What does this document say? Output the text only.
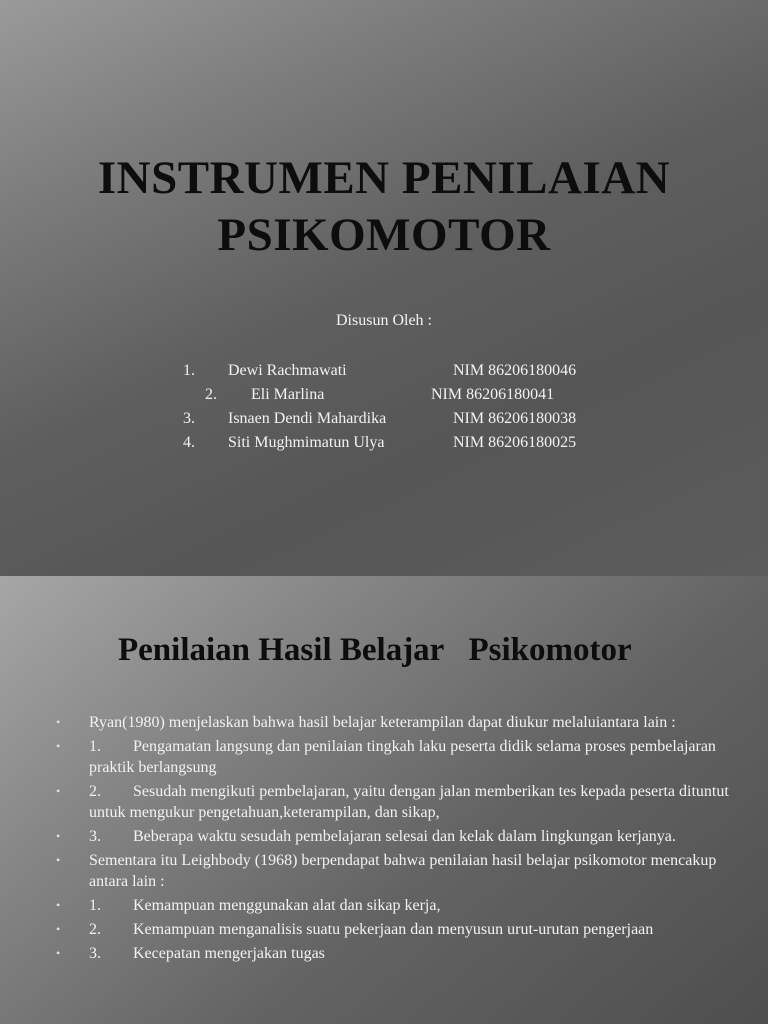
INSTRUMEN PENILAIAN
PSIKOMOTOR
Disusun Oleh :
1. Dewi Rachmawati	NIM 86206180046
2. Eli Marlina	NIM 86206180041
3. Isnaen Dendi Mahardika	NIM 86206180038
4. Siti Mughmimatun Ulya	NIM 86206180025
Penilaian Hasil Belajar   Psikomotor
• Ryan(1980) menjelaskan bahwa hasil belajar keterampilan dapat diukur melaluiantara lain :
• 1.        Pengamatan langsung dan penilaian tingkah laku peserta didik selama proses pembelajaran praktik berlangsung
• 2.        Sesudah mengikuti pembelajaran, yaitu dengan jalan memberikan tes kepada peserta dituntut untuk mengukur pengetahuan,keterampilan, dan sikap,
• 3.        Beberapa waktu sesudah pembelajaran selesai dan kelak dalam lingkungan kerjanya.
• Sementara itu Leighbody (1968) berpendapat bahwa penilaian hasil belajar psikomotor mencakup antara lain :
• 1.        Kemampuan menggunakan alat dan sikap kerja,
• 2.        Kemampuan menganalisis suatu pekerjaan dan menyusun urut-urutan pengerjaan
• 3.        Kecepatan mengerjakan tugas
